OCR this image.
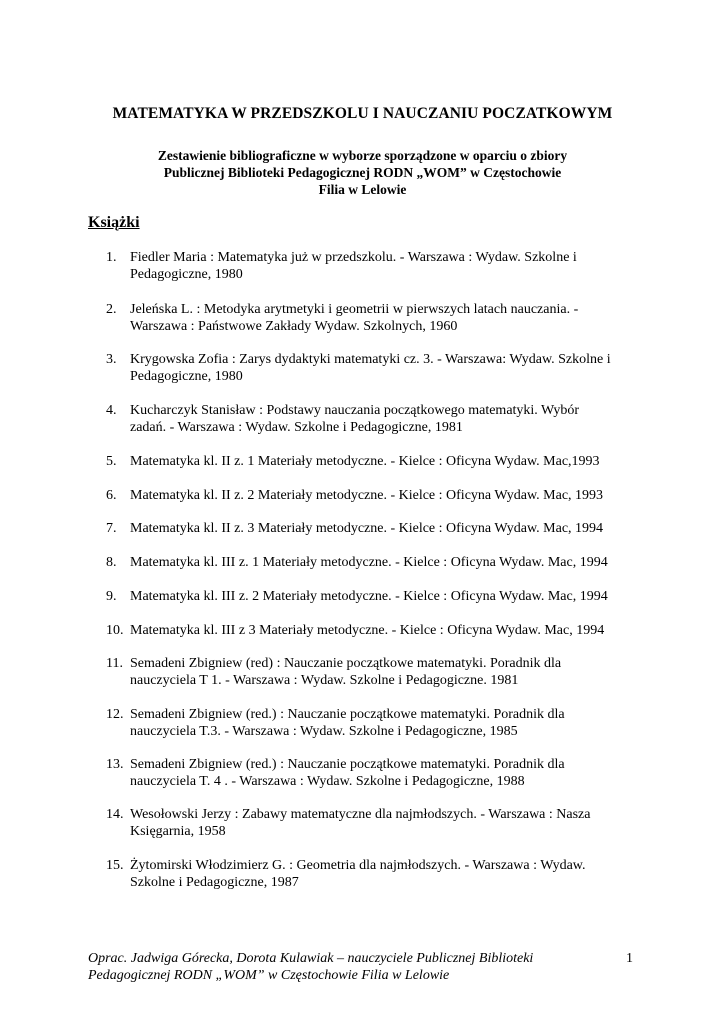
MATEMATYKA W PRZEDSZKOLU I NAUCZANIU POCZATKOWYM
Zestawienie bibliograficzne w wyborze sporządzone w oparciu o zbiory
Publicznej Biblioteki Pedagogicznej RODN „WOM” w Częstochowie
Filia w Lelowie
Książki
1. Fiedler Maria : Matematyka już w przedszkolu. - Warszawa : Wydaw. Szkolne i
Pedagogiczne, 1980
2. Jeleńska L. : Metodyka arytmetyki i geometrii w pierwszych latach nauczania. -
Warszawa : Państwowe Zakłady Wydaw. Szkolnych, 1960
3. Krygowska Zofia : Zarys dydaktyki matematyki cz. 3. - Warszawa: Wydaw. Szkolne i
Pedagogiczne, 1980
4. Kucharczyk Stanisław : Podstawy nauczania początkowego matematyki. Wybór
zadań. - Warszawa : Wydaw. Szkolne i Pedagogiczne, 1981
5. Matematyka kl. II z. 1 Materiały metodyczne. - Kielce : Oficyna Wydaw. Mac,1993
6. Matematyka kl. II z. 2 Materiały metodyczne. - Kielce : Oficyna Wydaw. Mac, 1993
7. Matematyka kl. II z. 3 Materiały metodyczne. - Kielce : Oficyna Wydaw. Mac, 1994
8. Matematyka kl. III z. 1 Materiały metodyczne. - Kielce : Oficyna Wydaw. Mac, 1994
9. Matematyka kl. III z. 2 Materiały metodyczne. - Kielce : Oficyna Wydaw. Mac, 1994
10. Matematyka kl. III z 3 Materiały metodyczne. - Kielce : Oficyna Wydaw. Mac, 1994
11. Semadeni Zbigniew (red) : Nauczanie początkowe matematyki. Poradnik dla
nauczyciela T 1. - Warszawa : Wydaw. Szkolne i Pedagogiczne. 1981
12. Semadeni Zbigniew (red.) : Nauczanie początkowe matematyki. Poradnik dla
nauczyciela T.3. - Warszawa : Wydaw. Szkolne i Pedagogiczne, 1985
13. Semadeni Zbigniew (red.) : Nauczanie początkowe matematyki. Poradnik dla
nauczyciela T. 4 . - Warszawa : Wydaw. Szkolne i Pedagogiczne, 1988
14. Wesołowski Jerzy : Zabawy matematyczne dla najmłodszych. - Warszawa : Nasza
Księgarnia, 1958
15. Żytomirski Włodzimierz G. : Geometria dla najmłodszych. - Warszawa : Wydaw.
Szkolne i Pedagogiczne, 1987
Oprac. Jadwiga Górecka, Dorota Kulawiak – nauczyciele Publicznej Biblioteki
Pedagogicznej RODN „WOM” w Częstochowie Filia w Lelowie
1
